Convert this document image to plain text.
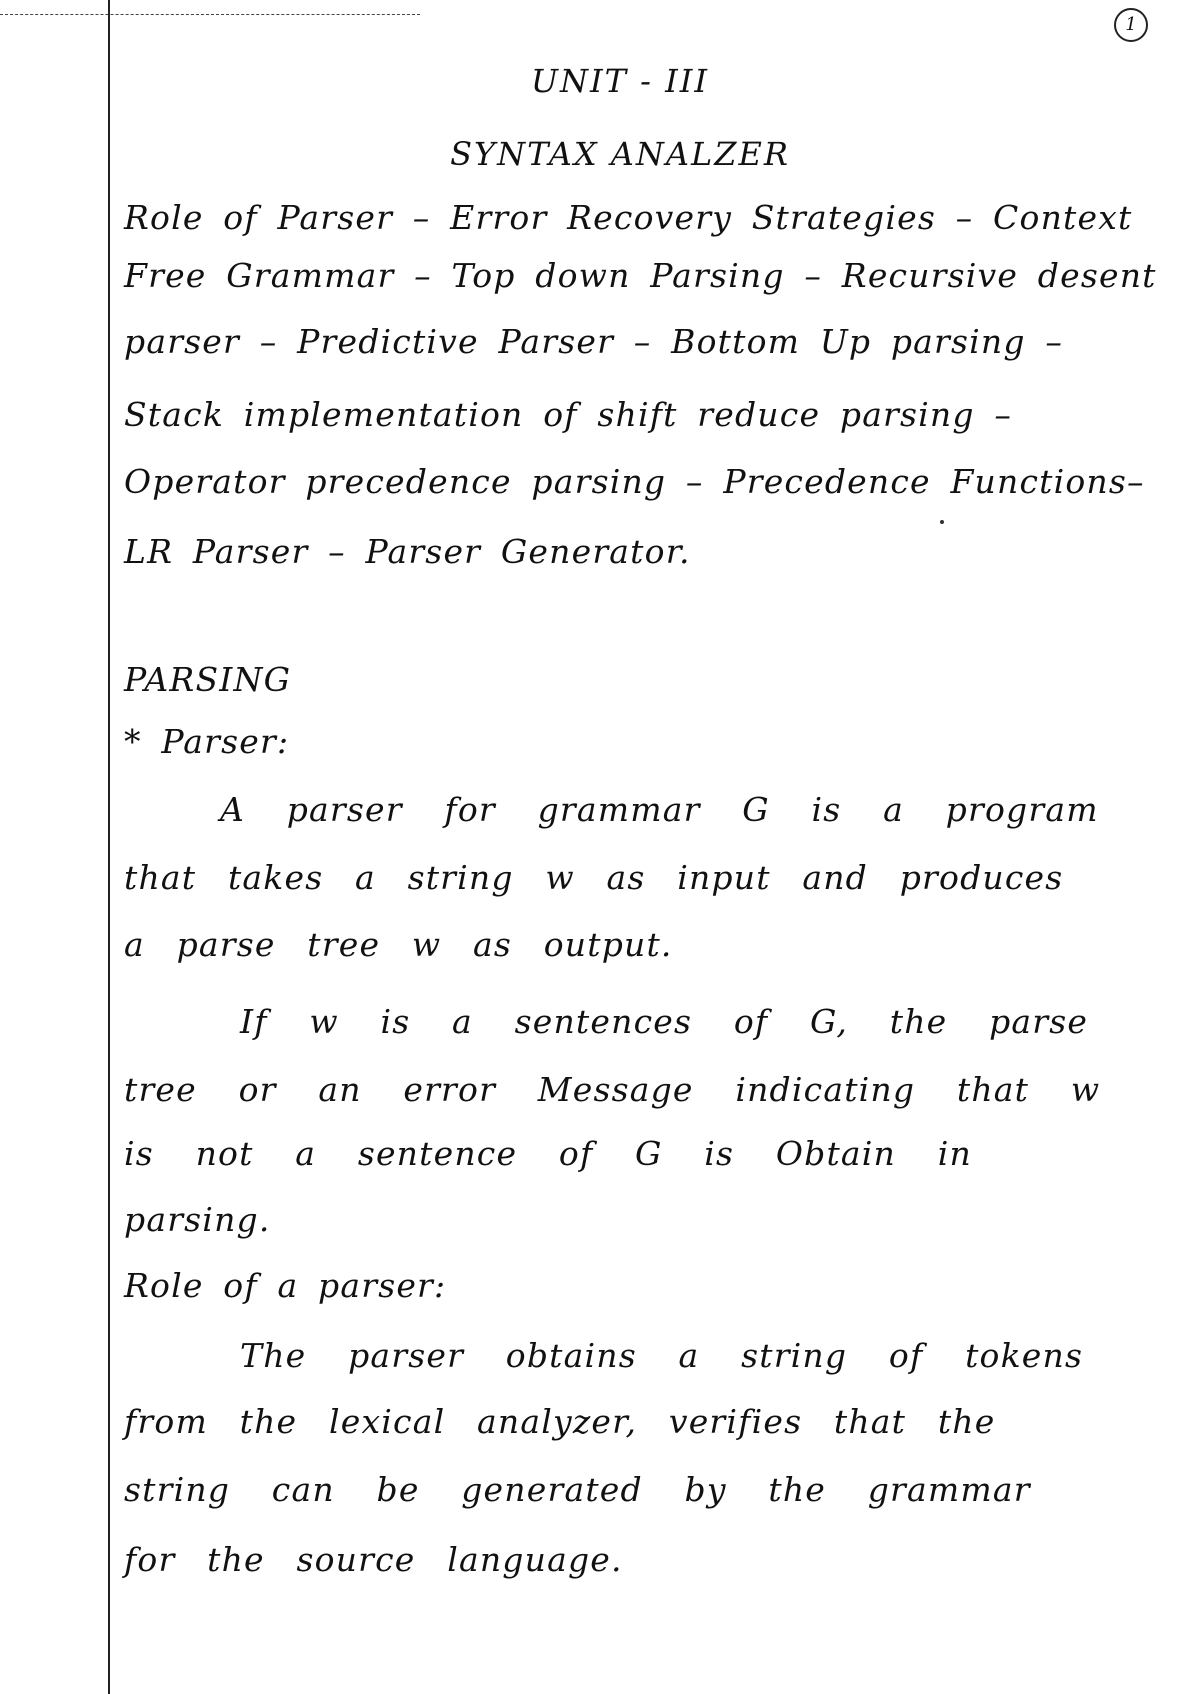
1
UNIT - III
SYNTAX ANALZER
Role of Parser – Error Recovery Strategies – Context
Free Grammar – Top down Parsing – Recursive desent
parser – Predictive Parser – Bottom Up parsing –
Stack implementation of shift reduce parsing –
Operator precedence parsing – Precedence Functions–
LR Parser – Parser Generator.
PARSING
* Parser:
A parser for grammar G is a program
that takes a string w as input and produces
a parse tree w as output.
If w is a sentences of G, the parse
tree or an error Message indicating that w
is not a sentence of G is Obtain in
parsing.
Role of a parser:
The parser obtains a string of tokens
from the lexical analyzer, verifies that the
string can be generated by the grammar
for the source language.
